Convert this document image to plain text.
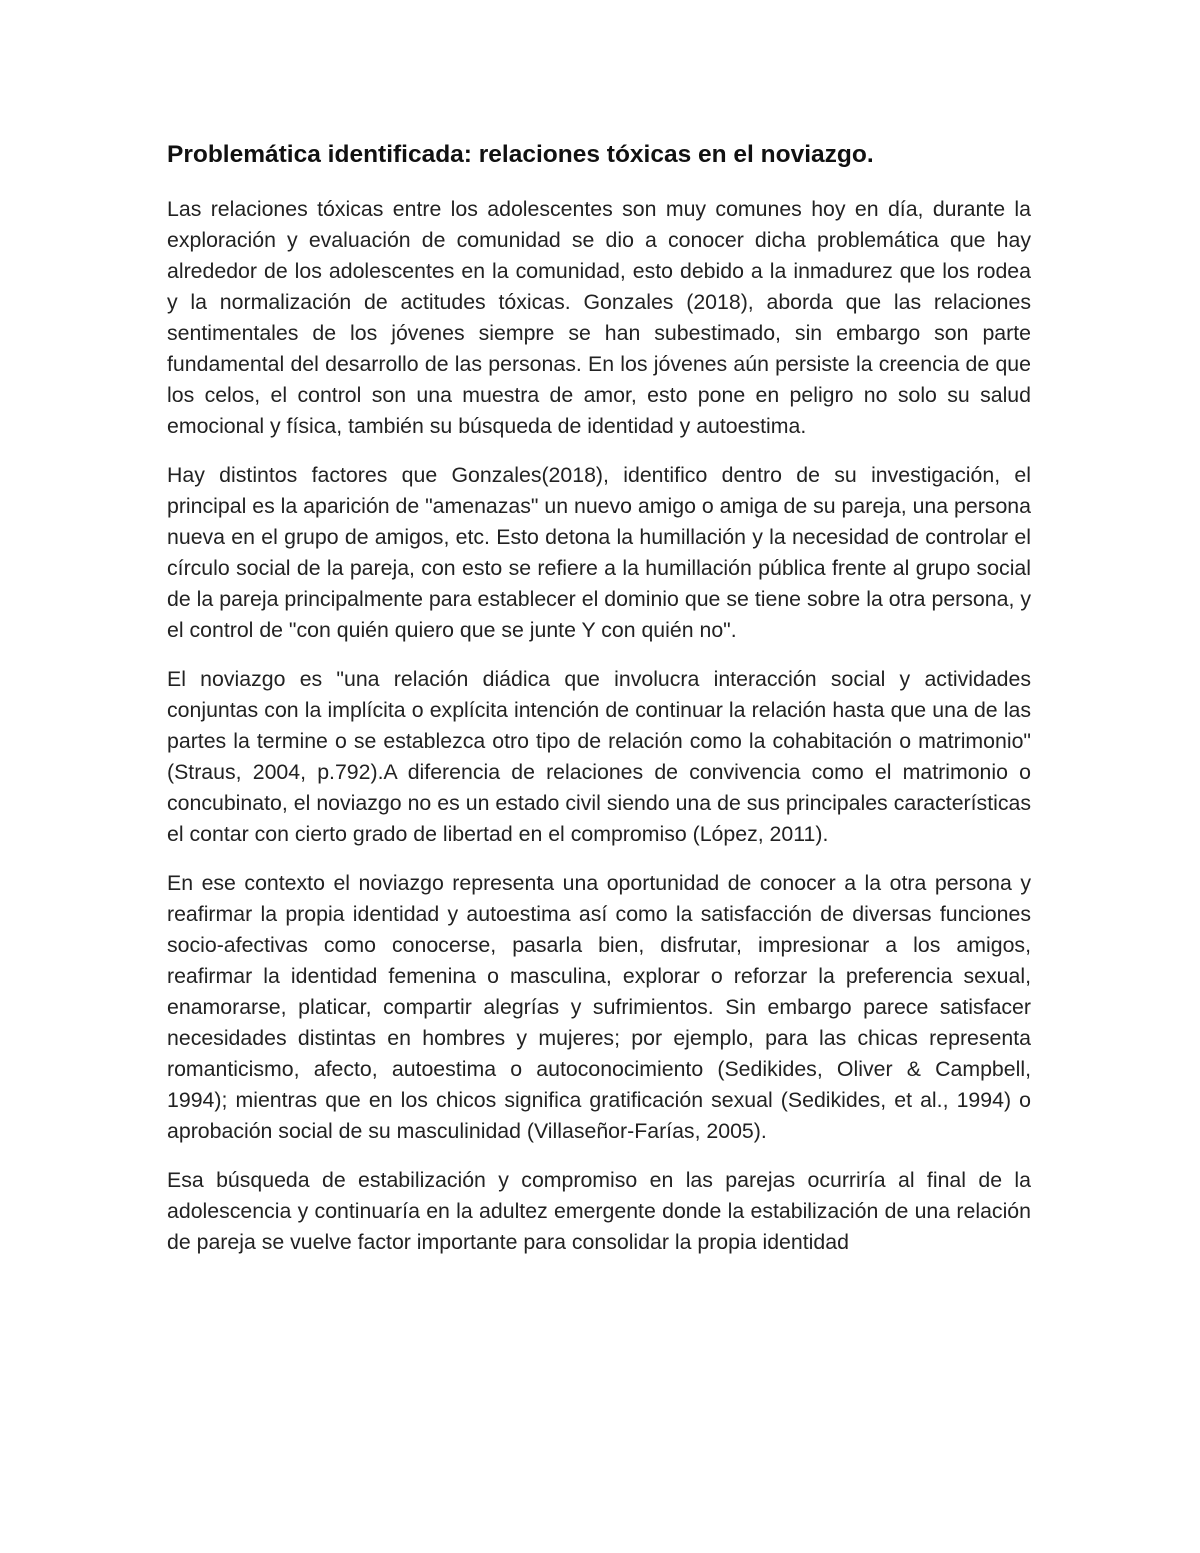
Problemática identificada: relaciones tóxicas en el noviazgo.

Las relaciones tóxicas entre los adolescentes son muy comunes hoy en día, durante la exploración y evaluación de comunidad se dio a conocer dicha problemática que hay alrededor de los adolescentes en la comunidad, esto debido a la inmadurez que los rodea y la normalización de actitudes tóxicas. Gonzales (2018), aborda que las relaciones sentimentales de los jóvenes siempre se han subestimado, sin embargo son parte fundamental del desarrollo de las personas. En los jóvenes aún persiste la creencia de que los celos, el control son una muestra de amor, esto pone en peligro no solo su salud emocional y física, también su búsqueda de identidad y autoestima.

Hay distintos factores que Gonzales(2018), identifico dentro de su investigación, el principal es la aparición de "amenazas" un nuevo amigo o amiga de su pareja, una persona nueva en el grupo de amigos, etc. Esto detona la humillación y la necesidad de controlar el círculo social de la pareja, con esto se refiere a la humillación pública frente al grupo social de la pareja principalmente para establecer el dominio que se tiene sobre la otra persona, y el control de "con quién quiero que se junte Y con quién no".

El noviazgo es "una relación diádica que involucra interacción social y actividades conjuntas con la implícita o explícita intención de continuar la relación hasta que una de las partes la termine o se establezca otro tipo de relación como la cohabitación o matrimonio" (Straus, 2004, p.792).A diferencia de relaciones de convivencia como el matrimonio o concubinato, el noviazgo no es un estado civil siendo una de sus principales características el contar con cierto grado de libertad en el compromiso (López, 2011).

En ese contexto el noviazgo representa una oportunidad de conocer a la otra persona y reafirmar la propia identidad y autoestima así como la satisfacción de diversas funciones socio-afectivas como conocerse, pasarla bien, disfrutar, impresionar a los amigos, reafirmar la identidad femenina o masculina, explorar o reforzar la preferencia sexual, enamorarse, platicar, compartir alegrías y sufrimientos. Sin embargo parece satisfacer necesidades distintas en hombres y mujeres; por ejemplo, para las chicas representa romanticismo, afecto, autoestima o autoconocimiento (Sedikides, Oliver & Campbell, 1994); mientras que en los chicos significa gratificación sexual (Sedikides, et al., 1994) o aprobación social de su masculinidad (Villaseñor-Farías, 2005).

Esa búsqueda de estabilización y compromiso en las parejas ocurriría al final de la adolescencia y continuaría en la adultez emergente donde la estabilización de una relación de pareja se vuelve factor importante para consolidar la propia identidad
